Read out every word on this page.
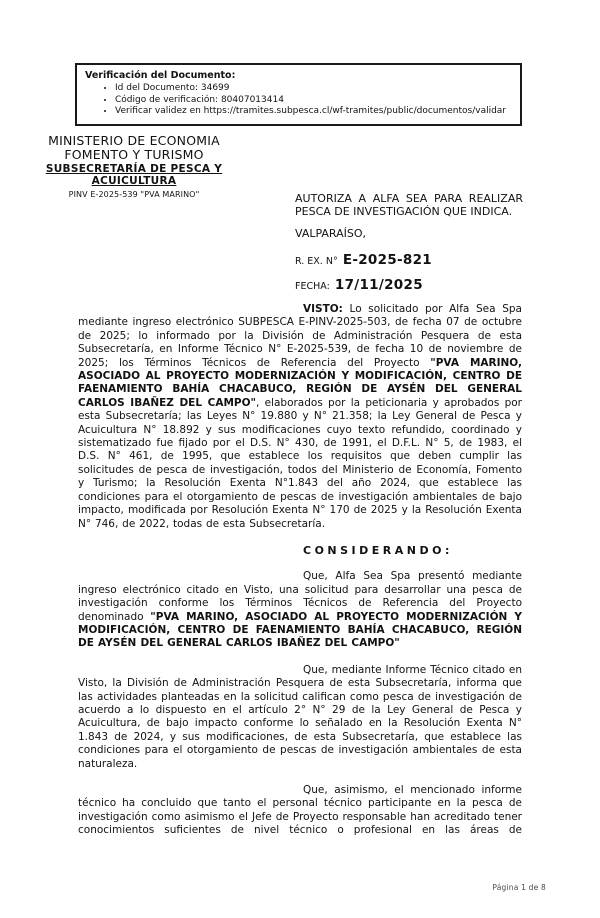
Verificación del Documento:
• Id del Documento: 34699
• Código de verificación: 80407013414
• Verificar validez en https://tramites.subpesca.cl/wf-tramites/public/documentos/validar
MINISTERIO DE ECONOMIA
FOMENTO Y TURISMO
SUBSECRETARÍA DE PESCA Y ACUICULTURA
PINV E-2025-539 "PVA MARINO"	AUTORIZA A ALFA SEA PARA REALIZAR PESCA DE INVESTIGACIÓN QUE INDICA.
VALPARAÍSO,
R. EX. N° E-2025-821
FECHA: 17/11/2025

VISTO: Lo solicitado por Alfa Sea Spa mediante ingreso electrónico SUBPESCA E-PINV-2025-503, de fecha 07 de octubre de 2025; lo informado por la División de Administración Pesquera de esta Subsecretaría, en Informe Técnico N° E-2025-539, de fecha 10 de noviembre de 2025; los Términos Técnicos de Referencia del Proyecto "PVA MARINO, ASOCIADO AL PROYECTO MODERNIZACIÓN Y MODIFICACIÓN, CENTRO DE FAENAMIENTO BAHÍA CHACABUCO, REGIÓN DE AYSÉN DEL GENERAL CARLOS IBAÑEZ DEL CAMPO", elaborados por la peticionaria y aprobados por esta Subsecretaría; las Leyes N° 19.880 y N° 21.358; la Ley General de Pesca y Acuicultura N° 18.892 y sus modificaciones cuyo texto refundido, coordinado y sistematizado fue fijado por el D.S. N° 430, de 1991, el D.F.L. N° 5, de 1983, el D.S. N° 461, de 1995, que establece los requisitos que deben cumplir las solicitudes de pesca de investigación, todos del Ministerio de Economía, Fomento y Turismo; la Resolución Exenta N°1.843 del año 2024, que establece las condiciones para el otorgamiento de pescas de investigación ambientales de bajo impacto, modificada por Resolución Exenta N° 170 de 2025 y la Resolución Exenta N° 746, de 2022, todas de esta Subsecretaría.

CONSIDERANDO:

Que, Alfa Sea Spa presentó mediante ingreso electrónico citado en Visto, una solicitud para desarrollar una pesca de investigación conforme los Términos Técnicos de Referencia del Proyecto denominado "PVA MARINO, ASOCIADO AL PROYECTO MODERNIZACIÓN Y MODIFICACIÓN, CENTRO DE FAENAMIENTO BAHÍA CHACABUCO, REGIÓN DE AYSÉN DEL GENERAL CARLOS IBAÑEZ DEL CAMPO"

Que, mediante Informe Técnico citado en Visto, la División de Administración Pesquera de esta Subsecretaría, informa que las actividades planteadas en la solicitud califican como pesca de investigación de acuerdo a lo dispuesto en el artículo 2° N° 29 de la Ley General de Pesca y Acuicultura, de bajo impacto conforme lo señalado en la Resolución Exenta N° 1.843 de 2024, y sus modificaciones, de esta Subsecretaría, que establece las condiciones para el otorgamiento de pescas de investigación ambientales de esta naturaleza.

Que, asimismo, el mencionado informe técnico ha concluido que tanto el personal técnico participante en la pesca de investigación como asimismo el Jefe de Proyecto responsable han acreditado tener conocimientos suficientes de nivel técnico o profesional en las áreas de

Página 1 de 8
